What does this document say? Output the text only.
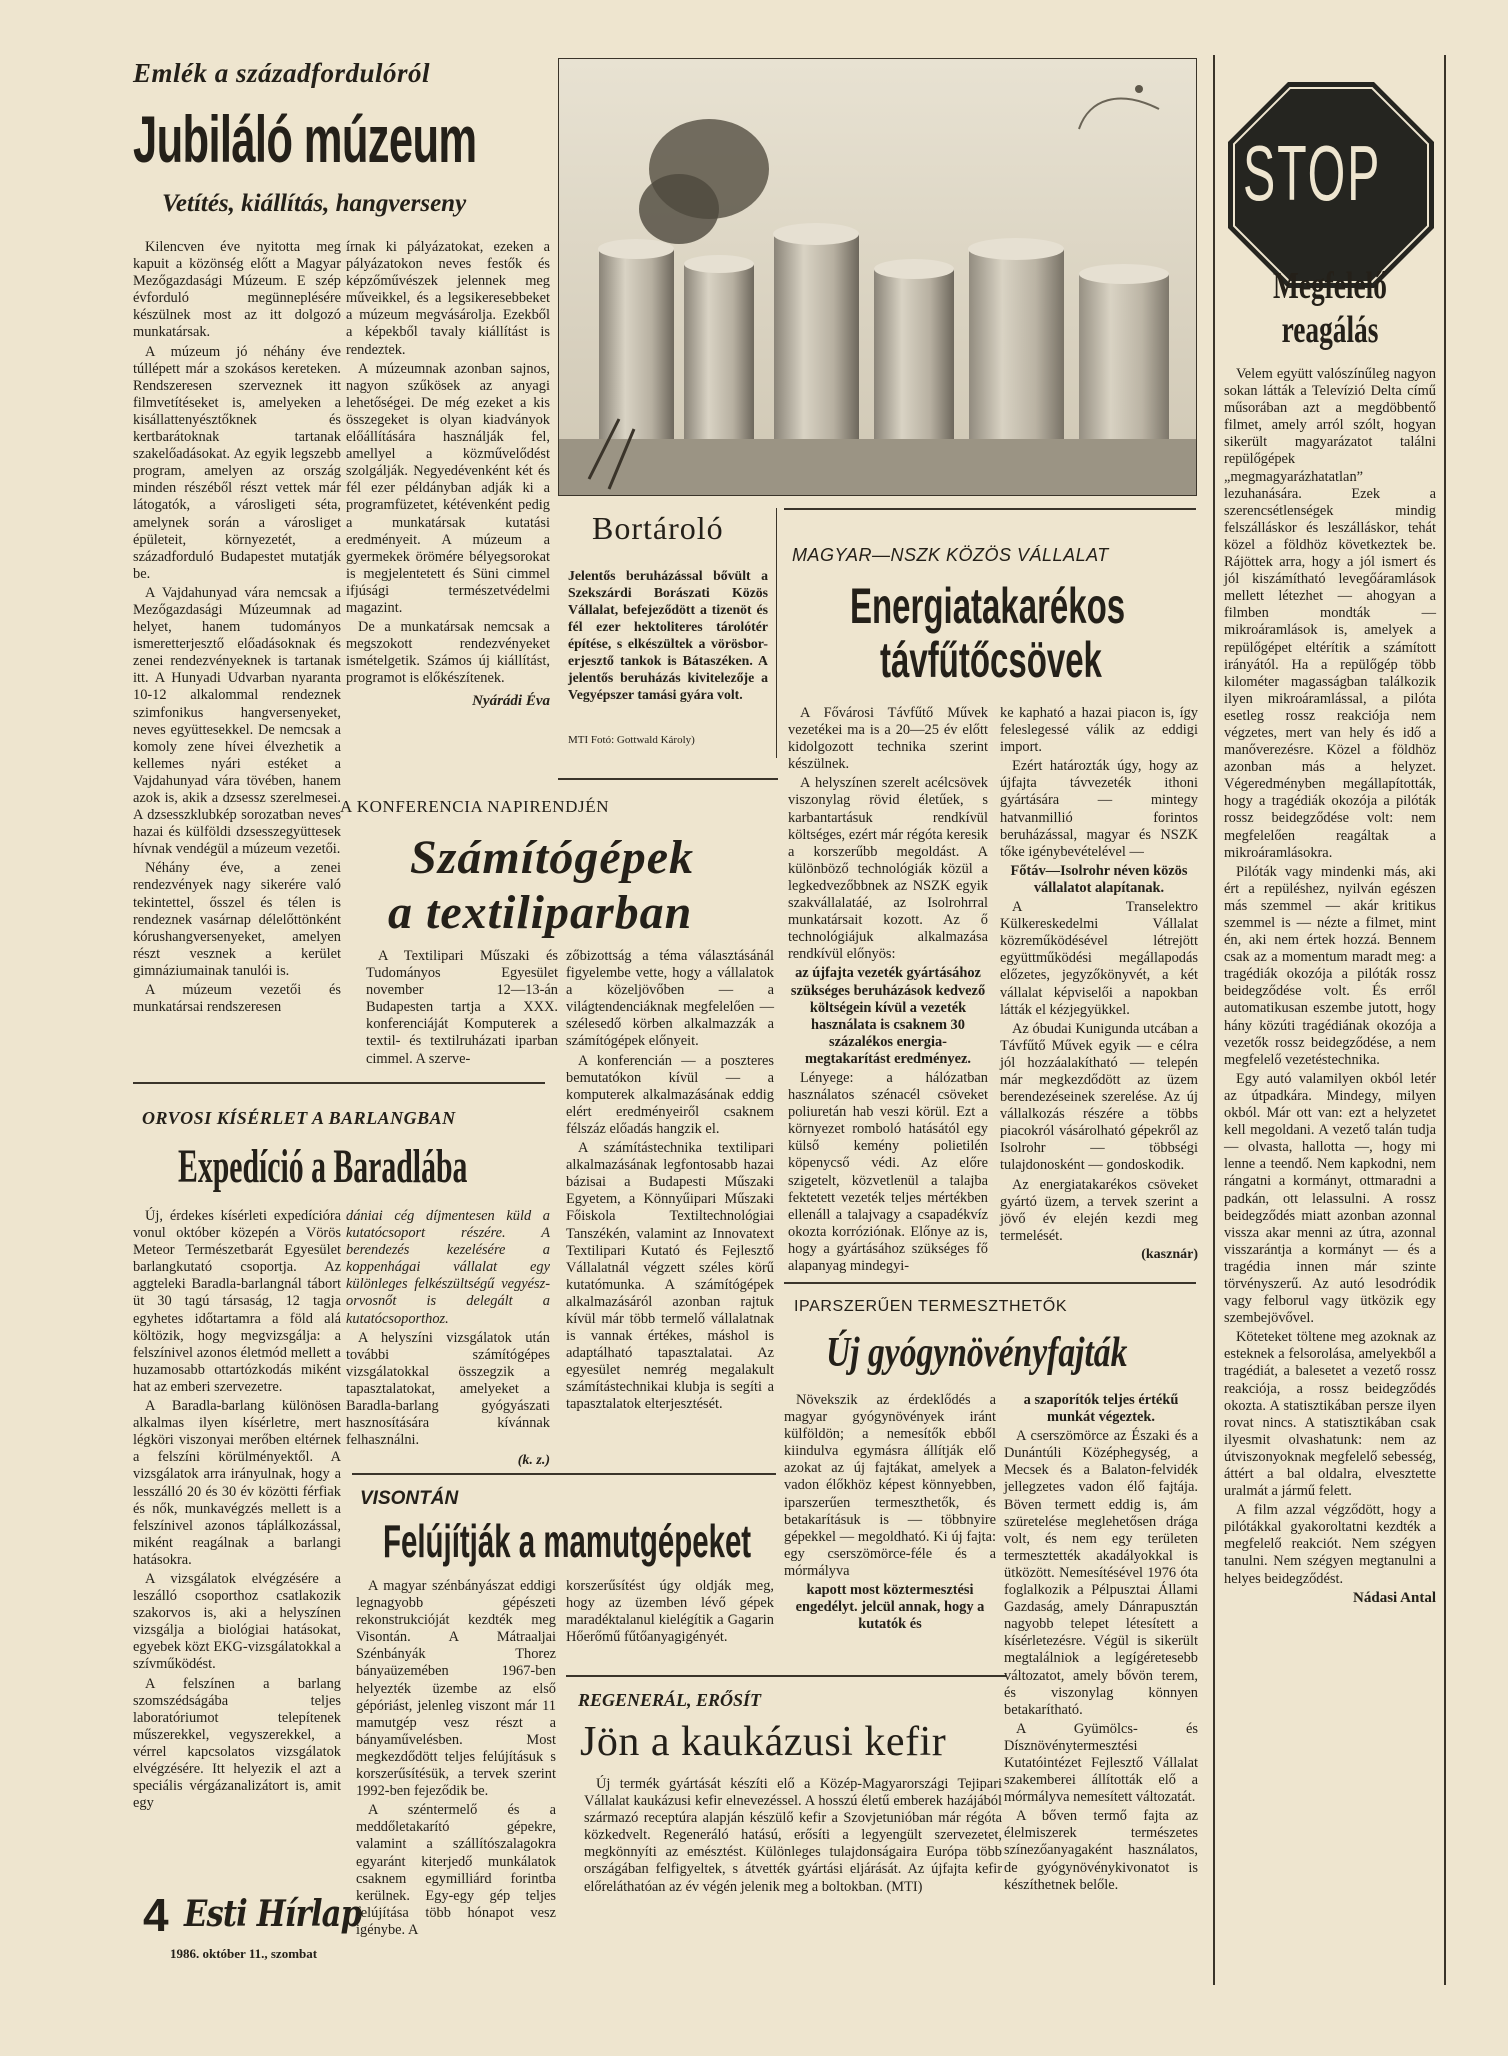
Emlék a századfordulóról
Jubiláló múzeum
Vetítés, kiállítás, hangverseny

Kilencven éve nyitotta meg kapuit a közönség előtt a Magyar Mezőgazdasági Múzeum. E szép évforduló megünneplésére készülnek most az itt dolgozó munkatársak.

A múzeum jó néhány éve túllépett már a szokásos kereteken. Rendszeresen szerveznek itt filmvetítéseket is, amelyeken a kisállattenyésztőknek és kertbarátoknak tartanak szakelőadásokat. Az egyik legszebb program, amelyen az ország minden részéből részt vettek már látogatók, a városligeti séta, amelynek során a városliget épületeit, környezetét, a századforduló Budapestet mutatják be.

A Vajdahunyad vára nemcsak a Mezőgazdasági Múzeumnak ad helyet, hanem tudományos ismeretterjesztő előadásoknak és zenei rendezvényeknek is tartanak itt. A Hunyadi Udvarban nyaranta 10-12 alkalommal rendeznek szimfonikus hangversenyeket, neves együttesekkel. De nemcsak a komoly zene hívei élvezhetik a kellemes nyári estéket a Vajdahunyad vára tövében, hanem azok is, akik a dzsessz szerelmesei. A dzsesszklubkép sorozatban neves hazai és külföldi dzsesszegyüttesek hívnak vendégül a múzeum vezetői.

Néhány éve, a zenei rendezvények nagy sikerére való tekintettel, ősszel és télen is rendeznek vasárnap délelőttönként kórushangversenyeket, amelyen részt vesznek a kerület gimnáziumainak tanulói is.

A múzeum vezetői és munkatársai rendszeresen

írnak ki pályázatokat, ezeken a pályázatokon neves festők és képzőművészek jelennek meg műveikkel, és a legsikeresebbeket a múzeum megvásárolja. Ezekből a képekből tavaly kiállítást is rendeztek.

A múzeumnak azonban sajnos, nagyon szűkösek az anyagi lehetőségei. De még ezeket a kis összegeket is olyan kiadványok előállítására használják fel, amellyel a közművelődést szolgálják. Negyedévenként két és fél ezer példányban adják ki a programfüzetet, kétévenként pedig a munkatársak kutatási eredményeit. A múzeum a gyermekek örömére bélyegsorokat is megjelentetett és Süni cimmel ifjúsági természetvédelmi magazint.

De a munkatársak nemcsak a megszokott rendezvényeket ismételgetik. Számos új kiállítást, programot is előkészítenek.

Nyárádi Éva
ORVOSI KÍSÉRLET A BARLANGBAN
Expedíció a Baradlába

Új, érdekes kísérleti expedícióra vonul október közepén a Vörös Meteor Természetbarát Egyesület barlangkutató csoportja. Az aggteleki Baradla-barlangnál tábort üt 30 tagú társaság, 12 tagja egyhetes időtartamra a föld alá költözik, hogy megvizsgálja: a felszínivel azonos életmód mellett a huzamosabb ottartózkodás miként hat az emberi szervezetre.

A Baradla-barlang különösen alkalmas ilyen kísérletre, mert légköri viszonyai merőben eltérnek a felszíni körülményektől. A vizsgálatok arra irányulnak, hogy a lesszálló 20 és 30 év közötti férfiak és nők, munkavégzés mellett is a felszínivel azonos táplálkozással, miként reagálnak a barlangi hatásokra.

A vizsgálatok elvégzésére a leszálló csoporthoz csatlakozik szakorvos is, aki a helyszínen vizsgálja a biológiai hatásokat, egyebek közt EKG-vizsgálatokkal a szívműködést.

A felszínen a barlang szomszédságába teljes laboratóriumot telepítenek műszerekkel, vegyszerekkel, a vérrel kapcsolatos vizsgálatok elvégzésére. Itt helyezik el azt a speciális vérgázanalizátort is, amit egy

dániai cég díjmentesen küld a kutatócsoport részére. A berendezés kezelésére a koppenhágai vállalat egy különleges felkészültségű vegyész-orvosnőt is delegált a kutatócsoporthoz.

A helyszíni vizsgálatok után további számítógépes vizsgálatokkal összegzik a tapasztalatokat, amelyeket a Baradla-barlang gyógyászati hasznosítására kívánnak felhasználni.

(k. z.)
4 Esti Hírlap
1986. október 11., szombat
Bortároló
Jelentős beruházással bővült a Szekszárdi Borászati Közös Vállalat, befejeződött a tizenöt és fél ezer hektoliteres tárolótér építése, s elkészültek a vörösbor-erjesztő tankok is Bátaszéken. A jelentős beruházás kivitelezője a Vegyépszer tamási gyára volt.
MTI Fotó: Gottwald Károly)
A KONFERENCIA NAPIRENDJÉN
Számítógépek
a textiliparban

A Textilipari Műszaki és Tudományos Egyesület november 12—13-án Budapesten tartja a XXX. konferenciáját Komputerek a textil- és textilruházati iparban cimmel. A szerve-

zőbizottság a téma választásánál figyelembe vette, hogy a vállalatok a közeljövőben — a világtendenciáknak megfelelően — szélesedő körben alkalmazzák a számítógépek előnyeit.

A konferencián — a poszteres bemutatókon kívül — a komputerek alkalmazásának eddig elért eredményeiről csaknem félszáz előadás hangzik el.

A számítástechnika textilipari alkalmazásának legfontosabb hazai bázisai a Budapesti Műszaki Egyetem, a Könnyűipari Műszaki Főiskola Textiltechnológiai Tanszékén, valamint az Innovatext Textilipari Kutató és Fejlesztő Vállalatnál végzett széles körű kutatómunka. A számítógépek alkalmazásáról azonban rajtuk kívül már több termelő vállalatnak is vannak értékes, máshol is adaptálható tapasztalatai. Az egyesület nemrég megalakult számítástechnikai klubja is segíti a tapasztalatok elterjesztését.

VISONTÁN
Felújítják a mamutgépeket

A magyar szénbányászat eddigi legnagyobb gépészeti rekonstrukcióját kezdték meg Visontán. A Mátraaljai Szénbányák Thorez bányaüzemében 1967-ben helyezték üzembe az első gépóriást, jelenleg viszont már 11 mamutgép vesz részt a bányaművelésben. Most megkezdődött teljes felújításuk s korszerűsítésük, a tervek szerint 1992-ben fejeződik be.

A széntermelő és a meddőletakarító gépekre, valamint a szállítószalagokra egyaránt kiterjedő munkálatok csaknem egymilliárd forintba kerülnek. Egy-egy gép teljes felújítása több hónapot vesz igénybe. A

korszerűsítést úgy oldják meg, hogy az üzemben lévő gépek maradéktalanul kielégítik a Gagarin Hőerőmű fűtőanyagigényét.

REGENERÁL, ERŐSÍT
Jön a kaukázusi kefir

Új termék gyártását készíti elő a Közép-Magyarországi Tejipari Vállalat kaukázusi kefir elnevezéssel. A hosszú életű emberek hazájából származó receptúra alapján készülő kefir a Szovjetunióban már régóta közkedvelt. Regeneráló hatású, erősíti a legyengült szervezetet, megkönnyíti az emésztést. Különleges tulajdonságaira Európa több országában felfigyeltek, s átvették gyártási eljárását. Az újfajta kefir előreláthatóan az év végén jelenik meg a boltokban. (MTI)

MAGYAR—NSZK KÖZÖS VÁLLALAT
Energiatakarékos
távfűtőcsövek

A Fővárosi Távfűtő Művek vezetékei ma is a 20—25 év előtt kidolgozott technika szerint készülnek.

A helyszínen szerelt acélcsövek viszonylag rövid életűek, s karbantartásuk rendkívül költséges, ezért már régóta keresik a korszerűbb megoldást. A különböző technológiák közül a legkedvezőbbnek az NSZK egyik szakvállalatáé, az Isolrohrral munkatársait kozott. Az ő technológiájuk alkalmazása rendkívül előnyös:

az újfajta vezeték gyártásához szükséges beruházások kedvező költségein kívül a vezeték használata is csaknem 30 százalékos energia-megtakarítást eredményez.

Lényege: a hálózatban használatos szénacél csöveket poliuretán hab veszi körül. Ezt a környezet romboló hatásától egy külső kemény polietilén köpenycső védi. Az előre szigetelt, közvetlenül a talajba fektetett vezeték teljes mértékben ellenáll a talajvagy a csapadékvíz okozta korróziónak. Előnye az is, hogy a gyártásához szükséges fő alapanyag mindegyi-

ke kapható a hazai piacon is, így feleslegessé válik az eddigi import.

Ezért határozták úgy, hogy az újfajta távvezeték ithoni gyártására — mintegy hatvanmillió forintos beruházással, magyar és NSZK tőke igénybevételével —

Főtáv—Isolrohr néven közös vállalatot alapítanak.

A Transelektro Külkereskedelmi Vállalat közreműködésével létrejött együttműködési megállapodás előzetes, jegyzőkönyvét, a két vállalat képviselői a napokban látták el kézjegyükkel.

Az óbudai Kunigunda utcában a Távfűtő Művek egyik — e célra jól hozzáalakítható — telepén már megkezdődött az üzem berendezéseinek szerelése. Az új vállalkozás részére a többs piacokról vásárolható gépekről az Isolrohr — többségi tulajdonosként — gondoskodik.

Az energiatakarékos csöveket gyártó üzem, a tervek szerint a jövő év elején kezdi meg termelését.

(kasznár)
IPARSZERŰEN TERMESZTHETŐK
Új gyógynövényfajták

Növekszik az érdeklődés a magyar gyógynövények iránt külföldön; a nemesítők ebből kiindulva egymásra állítják elő azokat az új fajtákat, amelyek a vadon élőkhöz képest könnyebben, iparszerűen termeszthetők, és betakarításuk is — többnyire gépekkel — megoldható. Ki új fajta: egy cserszömörce-féle és a mórmályva

kapott most köztermesztési engedélyt. jelcül annak, hogy a kutatók és

a szaporítók teljes értékű munkát végeztek.

A cserszömörce az Északi és a Dunántúli Középhegység, a Mecsek és a Balaton-felvidék jellegzetes vadon élő fajtája. Böven termett eddig is, ám szüretelése meglehetősen drága volt, és nem egy területen termesztették akadályokkal is ütközött. Nemesítésével 1976 óta foglalkozik a Pélpusztai Állami Gazdaság, amely Dánrapusztán nagyobb telepet létesített a kísérletezésre. Végül is sikerült megtalálniok a legígéretesebb változatot, amely bővön terem, és viszonylag könnyen betakarítható.

A Gyümölcs- és Dísznövénytermesztési Kutatóintézet Fejlesztő Vállalat szakemberei állították elő a mórmályva nemesített változatát.

A bőven termő fajta az élelmiszerek természetes színezőanyagaként használatos, de gyógynövénykivonatot is készíthetnek belőle.

STOP
Megfelelő reagálás

Velem együtt valószínűleg nagyon sokan látták a Televízió Delta című műsorában azt a megdöbbentő filmet, amely arról szólt, hogyan sikerült magyarázatot találni repülőgépek „megmagyarázhatatlan” lezuhanására. Ezek a szerencsétlenségek mindig felszálláskor és leszálláskor, tehát közel a földhöz következtek be. Rájöttek arra, hogy a jól ismert és jól kiszámítható levegőáramlások mellett létezhet — ahogyan a filmben mondták — mikroáramlások is, amelyek a repülőgépet eltérítik a számított irányától. Ha a repülőgép több kilométer magasságban találkozik ilyen mikroáramlással, a pilóta esetleg rossz reakciója nem végzetes, mert van hely és idő a manőverezésre. Közel a földhöz azonban más a helyzet. Végeredményben megállapították, hogy a tragédiák okozója a pilóták rossz beidegződése volt: nem megfelelően reagáltak a mikroáramlásokra.

Pilóták vagy mindenki más, aki ért a repüléshez, nyilván egészen más szemmel — akár kritikus szemmel is — nézte a filmet, mint én, aki nem értek hozzá. Bennem csak az a momentum maradt meg: a tragédiák okozója a pilóták rossz beidegződése volt. És erről automatikusan eszembe jutott, hogy hány közúti tragédiának okozója a vezetők rossz beidegződése, a nem megfelelő vezetéstechnika.

Egy autó valamilyen okból letér az útpadkára. Mindegy, milyen okból. Már ott van: ezt a helyzetet kell megoldani. A vezető talán tudja — olvasta, hallotta —, hogy mi lenne a teendő. Nem kapkodni, nem rángatni a kormányt, ottmaradni a padkán, ott lelassulni. A rossz beidegződés miatt azonban azonnal vissza akar menni az útra, azonnal visszarántja a kormányt — és a tragédia innen már szinte törvényszerű. Az autó lesodródik vagy felborul vagy ütközik egy szembejövővel.

Köteteket töltene meg azoknak az esteknek a felsorolása, amelyekből a tragédiát, a balesetet a vezető rossz reakciója, a rossz beidegződés okozta. A statisztikában persze ilyen rovat nincs. A statisztikában csak ilyesmit olvashatunk: nem az útviszonyoknak megfelelő sebesség, áttért a bal oldalra, elvesztette uralmát a jármű felett.

A film azzal végződött, hogy a pilótákkal gyakoroltatni kezdték a megfelelő reakciót. Nem szégyen tanulni. Nem szégyen megtanulni a helyes beidegződést.

Nádasi Antal
